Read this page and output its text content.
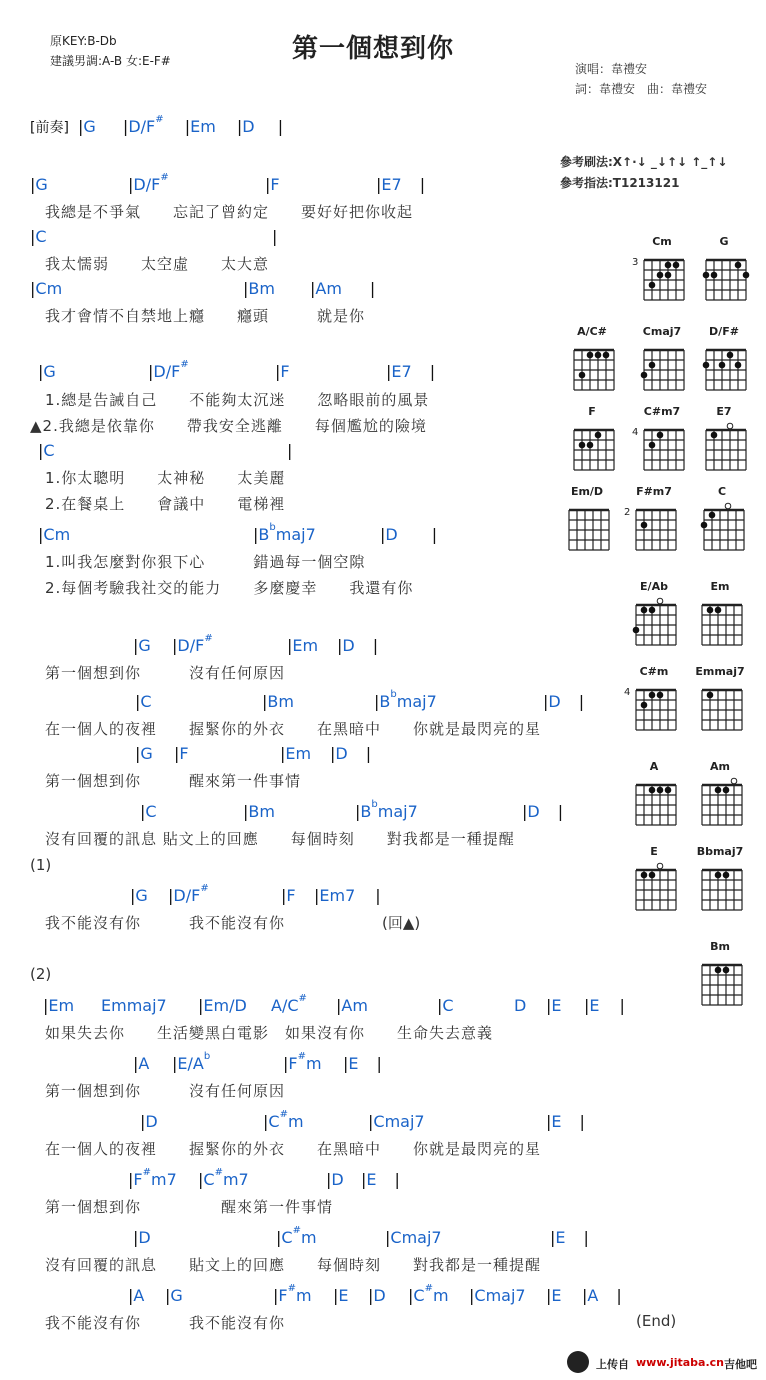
原KEY:B-Db
建議男調:A-B 女:E-F#	第一個想到你
演唱：韋禮安
詞：韋禮安　曲：韋禮安
參考刷法:X↑·↓ _↓↑↓ ↑_↑↓
參考指法:T1213121
[前奏] |G |D/F# |Em |D |
|G	|D/F#	|F	|E7 |
我總是不爭氣　　忘記了曾約定　　要好好把你收起
|C	|
我太懦弱　　太空虛　　太大意
|Cm	|Bm |Am |
我才會情不自禁地上癮　　癮頭　　　就是你
|G	|D/F#	|F	|E7 |
1.總是告誡自己　　不能夠太沉迷　　忽略眼前的風景
▲2.我總是依靠你　　帶我安全逃離　　每個尷尬的險境
|C	|
1.你太聰明　　太神秘　　太美麗
2.在餐桌上　　會議中　　電梯裡
|Cm	$|B^bmaj7$	|D |
1.叫我怎麼對你狠下心　　　錯過每一個空隙
2.每個考驗我社交的能力　　多麼慶幸　　我還有你
|G |D/F#	|Em |D |
第一個想到你　　　沒有任何原因
|C	|Bm	$|B^bmaj7$	|D |
在一個人的夜裡　　握緊你的外衣　　在黑暗中　　你就是最閃亮的星
|G |F	|Em |D |
第一個想到你　　　醒來第一件事情
|C	|Bm	$|B^bmaj7$	|D |
沒有回覆的訊息 貼文上的回應　　每個時刻　　對我都是一種提醒
(1)
|G |D/F#	|F |Em7 |
我不能沒有你　　　我不能沒有你	(回▲)
(2)
|Em Emmaj7 |Em/D A/C# |Am	|C	D |E |E |
如果失去你　　生活變黑白電影　如果沒有你　　生命失去意義
|A $|E/A^b$	|F#m |E |
第一個想到你　　　沒有任何原因
|D	|C#m	|Cmaj7	|E |
在一個人的夜裡　　握緊你的外衣　　在黑暗中　　你就是最閃亮的星
|F#m7 |C#m7	|D |E |
第一個想到你　　　　　醒來第一件事情
|D	|C#m	|Cmaj7	|E |
沒有回覆的訊息　　貼文上的回應　　每個時刻　　對我都是一種提醒
|A |G	|F#m |E |D |C#m |Cmaj7 |E |A |
我不能沒有你　　　我不能沒有你	(End)
Cm
3
G
A/C#	Cmaj7	D/F#
F	C#m7
4
E7
Em/D	F#m7
2
C
E/Ab	Em
C#m
4
Emmaj7
A	Am
E	Bbmaj7
Bm
上传自 www.jitaba.cn 吉他吧
